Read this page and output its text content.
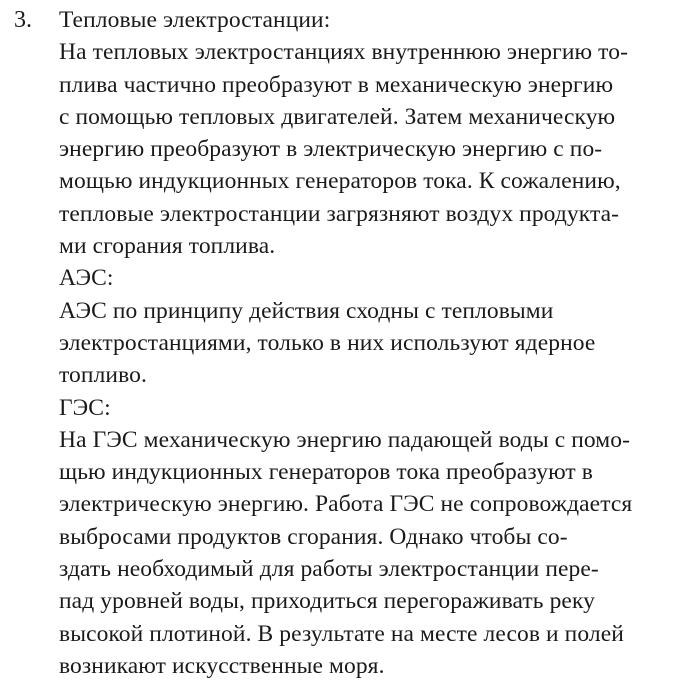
3. Тепловые электростанции:
На тепловых электростанциях внутреннюю энергию то-
плива частично преобразуют в механическую энергию
с помощью тепловых двигателей. Затем механическую
энергию преобразуют в электрическую энергию с по-
мощью индукционных генераторов тока. К сожалению,
тепловые электростанции загрязняют воздух продукта-
ми сгорания топлива.
АЭС:
АЭС по принципу действия сходны с тепловыми
электростанциями, только в них используют ядерное
топливо.
ГЭС:
На ГЭС механическую энергию падающей воды с помо-
щью индукционных генераторов тока преобразуют в
электрическую энергию. Работа ГЭС не сопровождается
выбросами продуктов сгорания. Однако чтобы со-
здать необходимый для работы электростанции пере-
пад уровней воды, приходиться перегораживать реку
высокой плотиной. В результате на месте лесов и полей
возникают искусственные моря.
